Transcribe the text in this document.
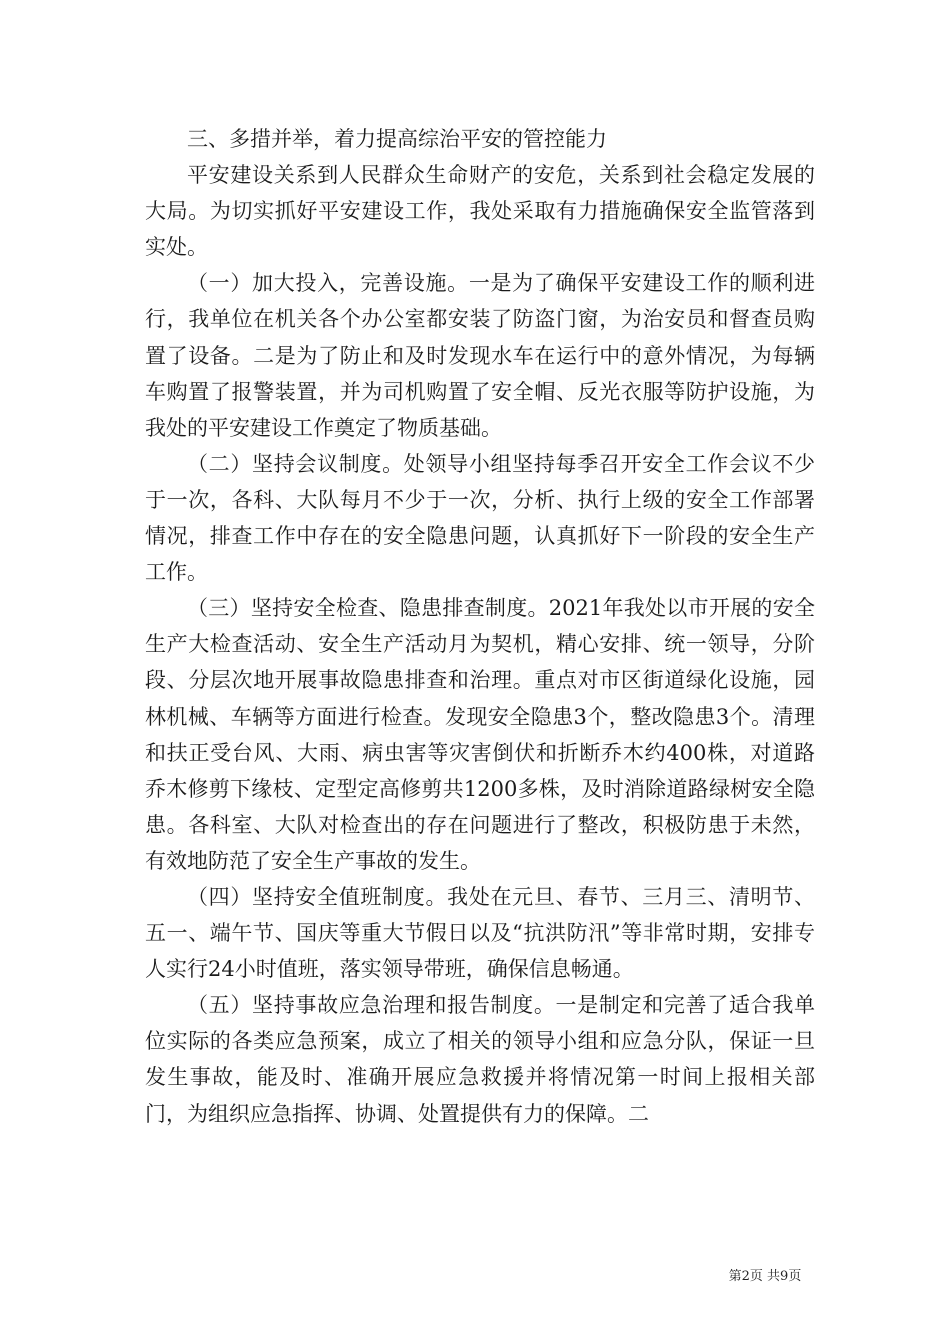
三、多措并举，着力提高综治平安的管控能力

平安建设关系到人民群众生命财产的安危，关系到社会稳定发展的大局。为切实抓好平安建设工作，我处采取有力措施确保安全监管落到实处。

（一）加大投入，完善设施。一是为了确保平安建设工作的顺利进行，我单位在机关各个办公室都安装了防盗门窗，为治安员和督查员购置了设备。二是为了防止和及时发现水车在运行中的意外情况，为每辆车购置了报警装置，并为司机购置了安全帽、反光衣服等防护设施，为我处的平安建设工作奠定了物质基础。

（二）坚持会议制度。处领导小组坚持每季召开安全工作会议不少于一次，各科、大队每月不少于一次，分析、执行上级的安全工作部署情况，排查工作中存在的安全隐患问题，认真抓好下一阶段的安全生产工作。

（三）坚持安全检查、隐患排查制度。2021年我处以市开展的安全生产大检查活动、安全生产活动月为契机，精心安排、统一领导，分阶段、分层次地开展事故隐患排查和治理。重点对市区街道绿化设施，园林机械、车辆等方面进行检查。发现安全隐患3个，整改隐患3个。清理和扶正受台风、大雨、病虫害等灾害倒伏和折断乔木约400株，对道路乔木修剪下缘枝、定型定高修剪共1200多株，及时消除道路绿树安全隐患。各科室、大队对检查出的存在问题进行了整改，积极防患于未然，有效地防范了安全生产事故的发生。

（四）坚持安全值班制度。我处在元旦、春节、三月三、清明节、五一、端午节、国庆等重大节假日以及“抗洪防汛”等非常时期，安排专人实行24小时值班，落实领导带班，确保信息畅通。

（五）坚持事故应急治理和报告制度。一是制定和完善了适合我单位实际的各类应急预案，成立了相关的领导小组和应急分队，保证一旦发生事故，能及时、准确开展应急救援并将情况第一时间上报相关部门，为组织应急指挥、协调、处置提供有力的保障。二

第2页 共9页
